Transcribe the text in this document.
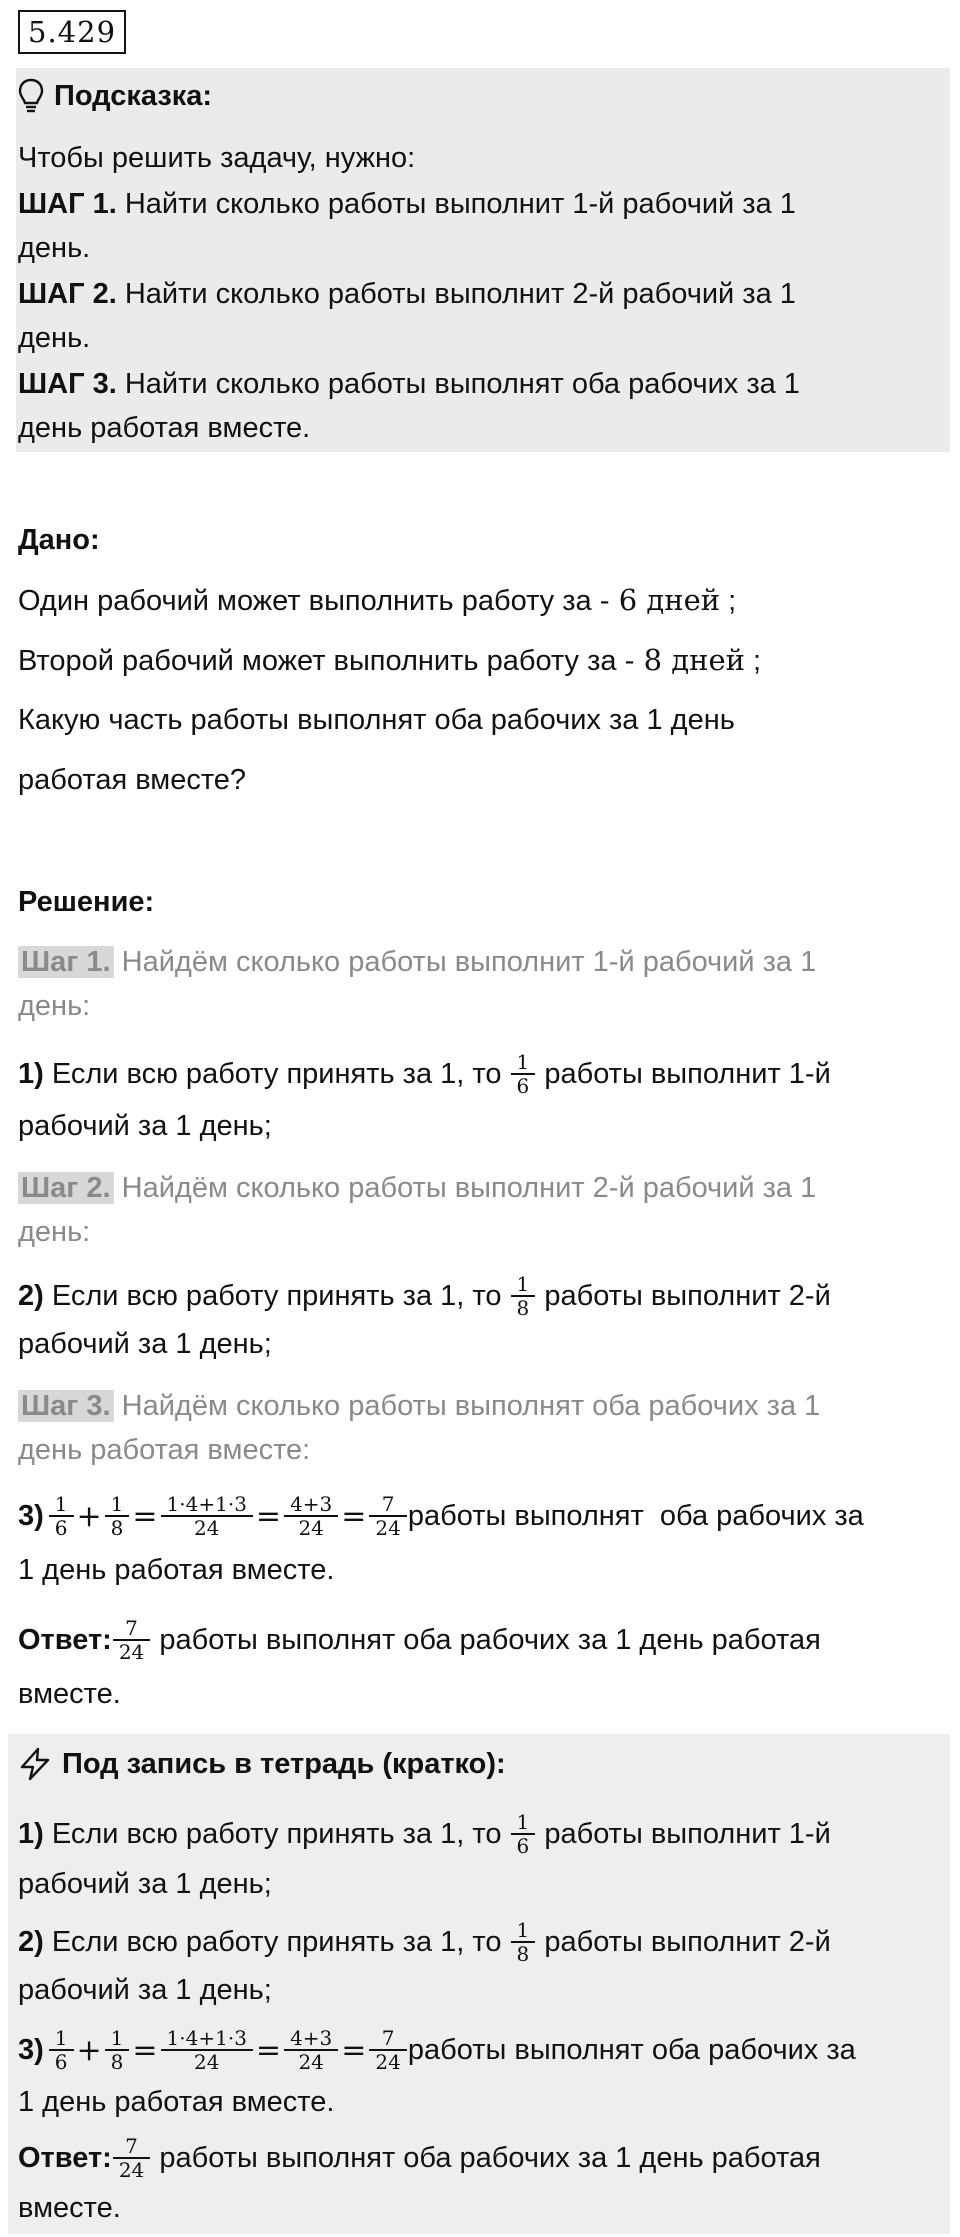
5.429
Подсказка:
Чтобы решить задачу, нужно:
ШАГ 1. Найти сколько работы выполнит 1-й рабочий за 1
день.
ШАГ 2. Найти сколько работы выполнит 2-й рабочий за 1
день.
ШАГ 3. Найти сколько работы выполнят оба рабочих за 1
день работая вместе.
Дано:
Один рабочий может выполнить работу за - 6 дней ;
Второй рабочий может выполнить работу за - 8 дней ;
Какую часть работы выполнят оба рабочих за 1 день
работая вместе?
Решение:
Шаг 1. Найдём сколько работы выполнит 1-й рабочий за 1
день:
1) Если всю работу принять за 1, то $\frac{1}{6}$ работы выполнит 1-й
рабочий за 1 день;
Шаг 2. Найдём сколько работы выполнит 2-й рабочий за 1
день:
2) Если всю работу принять за 1, то $\frac{1}{8}$ работы выполнит 2-й
рабочий за 1 день;
Шаг 3. Найдём сколько работы выполнят оба рабочих за 1
день работая вместе:
$3) \frac{1}{6} + \frac{1}{8} = \frac{1\cdot 4+1\cdot 3}{24} = \frac{4+3}{24} = \frac{7}{24}$ работы выполнят  оба рабочих за
1 день работая вместе.
Ответ: $\frac{7}{24}$ работы выполнят оба рабочих за 1 день работая
вместе.
Под запись в тетрадь (кратко):
1) Если всю работу принять за 1, то $\frac{1}{6}$ работы выполнит 1-й
рабочий за 1 день;
2) Если всю работу принять за 1, то $\frac{1}{8}$ работы выполнит 2-й
рабочий за 1 день;
$3) \frac{1}{6} + \frac{1}{8} = \frac{1\cdot 4+1\cdot 3}{24} = \frac{4+3}{24} = \frac{7}{24}$ работы выполнят оба рабочих за
1 день работая вместе.
Ответ: $\frac{7}{24}$ работы выполнят оба рабочих за 1 день работая
вместе.
